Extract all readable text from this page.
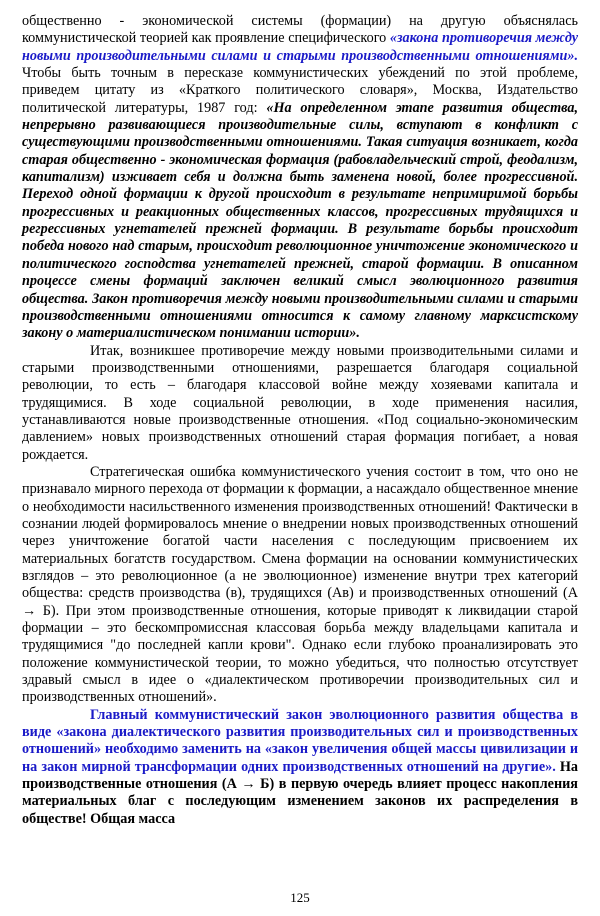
общественно - экономической системы (формации) на другую объяснялась коммунистической теорией как проявление специфического «закона противоречия между новыми производительными силами и старыми производственными отношениями». Чтобы быть точным в пересказе коммунистических убеждений по этой проблеме, приведем цитату из «Краткого политического словаря», Москва, Издательство политической литературы, 1987 год: «На определенном этапе развития общества, непрерывно развивающиеся производительные силы, вступают в конфликт с существующими производственными отношениями. Такая ситуация возникает, когда старая общественно - экономическая формация (рабовладельческий строй, феодализм, капитализм) изживает себя и должна быть заменена новой, более прогрессивной. Переход одной формации к другой происходит в результате непримиримой борьбы прогрессивных и реакционных общественных классов, прогрессивных трудящихся и регрессивных угнетателей прежней формации. В результате борьбы происходит победа нового над старым, происходит революционное уничтожение экономического и политического господства угнетателей прежней, старой формации. В описанном процессе смены формаций заключен великий смысл эволюционного развития общества. Закон противоречия между новыми производительными силами и старыми производственными отношениями относится к самому главному марксистскому закону о материалистическом понимании истории».

Итак, возникшее противоречие между новыми производительными силами и старыми производственными отношениями, разрешается благодаря социальной революции, то есть – благодаря классовой войне между хозяевами капитала и трудящимися. В ходе социальной революции, в ходе применения насилия, устанавливаются новые производственные отношения. «Под социально-экономическим давлением» новых производственных отношений старая формация погибает, а новая рождается.

Стратегическая ошибка коммунистического учения состоит в том, что оно не признавало мирного перехода от формации к формации, а насаждало общественное мнение о необходимости насильственного изменения производственных отношений! Фактически в сознании людей формировалось мнение о внедрении новых производственных отношений через уничтожение богатой части населения с последующим присвоением их материальных богатств государством. Смена формации на основании коммунистических взглядов – это революционное (а не эволюционное) изменение внутри трех категорий общества: средств производства (в), трудящихся (Ав) и производственных отношений (А → Б). При этом производственные отношения, которые приводят к ликвидации старой формации – это бескомпромиссная классовая борьба между владельцами капитала и трудящимися "до последней капли крови". Однако если глубоко проанализировать это положение коммунистической теории, то можно убедиться, что полностью отсутствует здравый смысл в идее о «диалектическом противоречии производительных сил и производственных отношений».

Главный коммунистический закон эволюционного развития общества в виде «закона диалектического развития производительных сил и производственных отношений» необходимо заменить на «закон увеличения общей массы цивилизации и на закон мирной трансформации одних производственных отношений на другие». На производственные отношения (А → Б) в первую очередь влияет процесс накопления материальных благ с последующим изменением законов их распределения в обществе! Общая масса

125
